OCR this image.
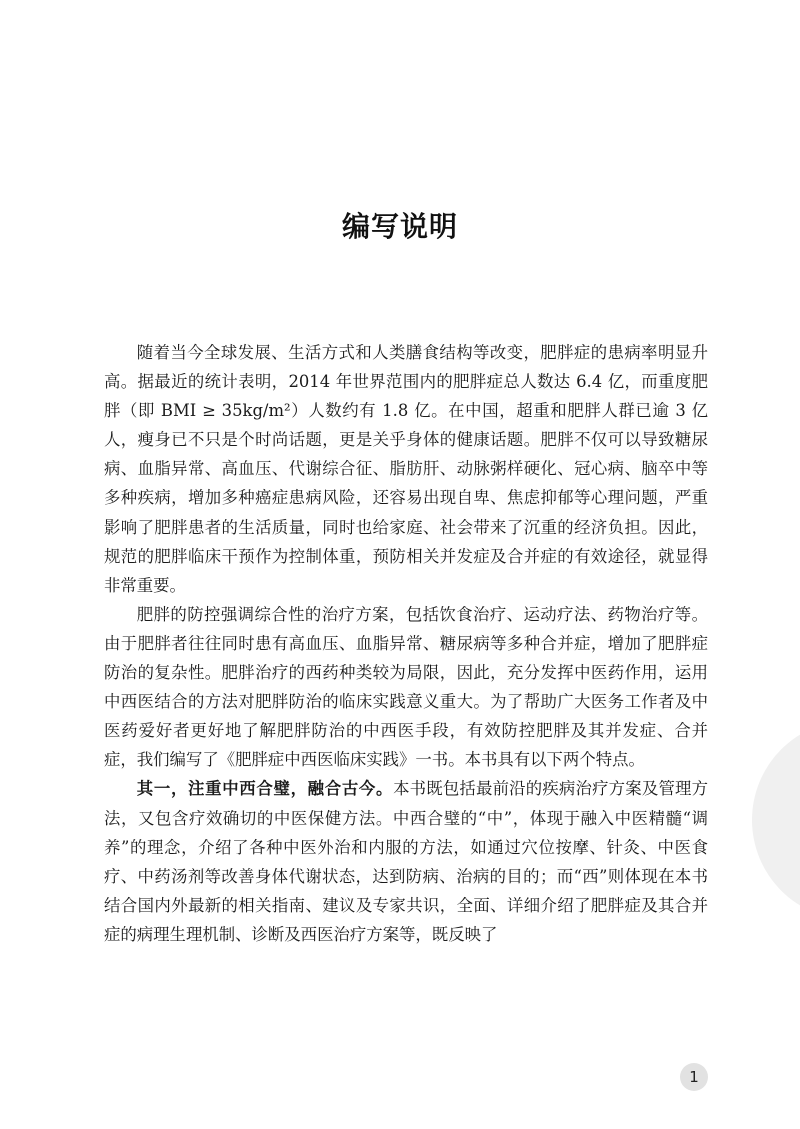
编写说明

随着当今全球发展、生活方式和人类膳食结构等改变，肥胖症的患病率明显升高。据最近的统计表明，2014 年世界范围内的肥胖症总人数达 6.4 亿，而重度肥胖（即 BMI ≥ 35kg/m²）人数约有 1.8 亿。在中国，超重和肥胖人群已逾 3 亿人，瘦身已不只是个时尚话题，更是关乎身体的健康话题。肥胖不仅可以导致糖尿病、血脂异常、高血压、代谢综合征、脂肪肝、动脉粥样硬化、冠心病、脑卒中等多种疾病，增加多种癌症患病风险，还容易出现自卑、焦虑抑郁等心理问题，严重影响了肥胖患者的生活质量，同时也给家庭、社会带来了沉重的经济负担。因此，规范的肥胖临床干预作为控制体重，预防相关并发症及合并症的有效途径，就显得非常重要。

肥胖的防控强调综合性的治疗方案，包括饮食治疗、运动疗法、药物治疗等。由于肥胖者往往同时患有高血压、血脂异常、糖尿病等多种合并症，增加了肥胖症防治的复杂性。肥胖治疗的西药种类较为局限，因此，充分发挥中医药作用，运用中西医结合的方法对肥胖防治的临床实践意义重大。为了帮助广大医务工作者及中医药爱好者更好地了解肥胖防治的中西医手段，有效防控肥胖及其并发症、合并症，我们编写了《肥胖症中西医临床实践》一书。本书具有以下两个特点。

其一，注重中西合璧，融合古今。本书既包括最前沿的疾病治疗方案及管理方法，又包含疗效确切的中医保健方法。中西合璧的“中”，体现于融入中医精髓“调养”的理念，介绍了各种中医外治和内服的方法，如通过穴位按摩、针灸、中医食疗、中药汤剂等改善身体代谢状态，达到防病、治病的目的；而“西”则体现在本书结合国内外最新的相关指南、建议及专家共识，全面、详细介绍了肥胖症及其合并症的病理生理机制、诊断及西医治疗方案等，既反映了

1
